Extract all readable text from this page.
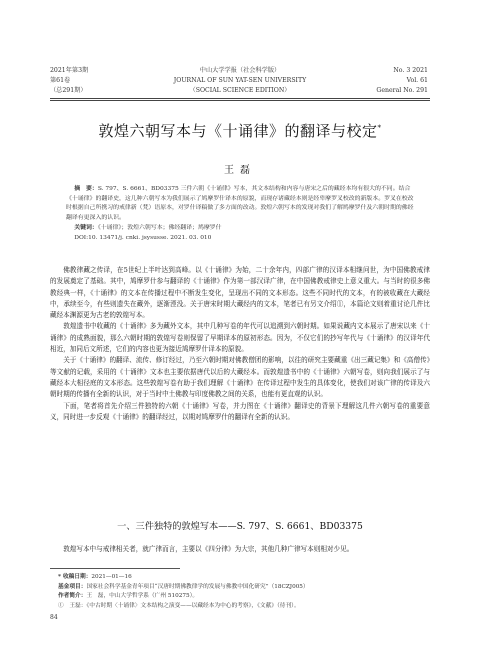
2021年第3期
第61卷
（总291期）
中山大学学报（社会科学版）
JOURNAL OF SUN YAT-SEN UNIVERSITY
（SOCIAL SCIENCE EDITION）
No. 3 2021
Vol. 61
General No. 291
敦煌六朝写本与《十诵律》的翻译与校定*
王磊

摘　要：S. 797、S. 6661、BD03375 三件六朝《十诵律》写本，其文本结构和内容与唐宋之后的藏经本均有很大的不同。结合《十诵律》的翻译史，这几种六朝写本为我们展示了鸠摩罗什译本的原貌，而现存诸藏经本则是经卑摩罗叉校改的新版本。罗叉在校改时根据自己所携习的戒律新（梵）语原本，对罗什译稿做了多方面的改动。敦煌六朝写本的发现对我们了解鸠摩罗什及六朝时期的佛经翻译有更深入的认识。

关键词：《十诵律》；敦煌六朝写本；佛经翻译；鸠摩罗什

DOI:10. 13471/j. cnki. jsysusse. 2021. 03. 010

佛教律藏之传译，在5世纪上半叶达到高峰。以《十诵律》为始，二十余年内，四部广律的汉译本相继问世，为中国佛教戒律的发展奠定了基础。其中，鸠摩罗什参与翻译的《十诵律》作为第一部汉译广律，在中国佛教戒律史上意义重大。与当时的很多佛教经典一样，《十诵律》的文本在传播过程中不断发生变化，呈现出不同的文本形态。这些不同时代的文本，有的被收藏在大藏经中，承续至今，有些则遗失在藏外，逐渐湮没。关于唐宋时期大藏经内的文本，笔者已有另文介绍①，本篇论文则着重讨论几件比藏经本渊源更为古老的敦煌写本。

敦煌遗书中收藏的《十诵律》多为藏外文本，其中几种写卷的年代可以追溯到六朝时期。如果说藏内文本展示了唐宋以来《十诵律》的成熟面貌，那么六朝时期的敦煌写卷则保留了早期译本的原初形态。因为，不仅它们的抄写年代与《十诵律》的汉译年代相近，加同后文所述，它们的内容也更为接近鸠摩罗什译本的原貌。

关于《十诵律》的翻译、流传、修订经过，乃至六朝时期对佛教僧团的影响，以往的研究主要藏重《出三藏记集》和《高僧传》等文献的记载，采用的《十诵律》文本也主要依据唐代以后的大藏经本。而敦煌遗书中的《十诵律》六朝写卷，则向我们展示了与藏经本大相径庭的文本形态。这些敦煌写卷有助于我们理解《十诵律》在传译过程中发生的具体变化，使我们对该广律的传译及六朝时期的传播有全新的认识，对于当时中土佛教与印度佛教之间的关系，也能有更直观的认识。

下面，笔者将首先介绍三件独特的六朝《十诵律》写卷，并力图在《十诵律》翻译史的背景下理解这几件六朝写卷的重要意义，同时进一步反观《十诵律》的翻译经过，以期对鸠摩罗什的翻译有全新的认识。

一、三件独特的敦煌写本——S. 797、S. 6661、BD03375

敦煌写本中与戒律相关者，就广律而言，主要以《四分律》为大宗，其他几种广律写本则相对少见。

* 收稿日期：2021—01—16
基金项目：国家社会科学基金青年项目“汉唐时期佛教律学的发展与佛教中国化研究”（18CZJ005）
作者简介：王　磊，中山大学哲学系（广州 510275）。
①　王磊：《中古时期〈十诵律〉文本结构之演变——以藏经本为中心的考察》，《文献》（待刊）。
84
